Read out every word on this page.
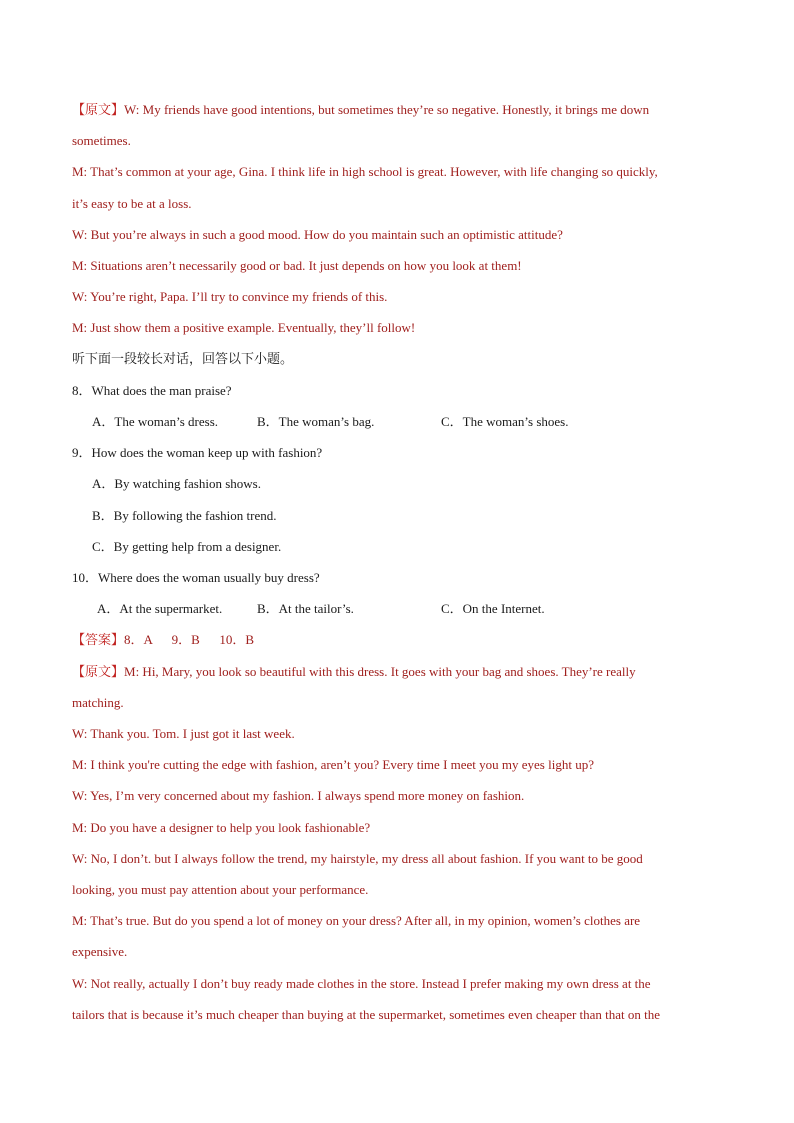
【原文】W: My friends have good intentions, but sometimes they’re so negative. Honestly, it brings me down
sometimes.
M: That’s common at your age, Gina. I think life in high school is great. However, with life changing so quickly,
it’s easy to be at a loss.
W: But you’re always in such a good mood. How do you maintain such an optimistic attitude?
M: Situations aren’t necessarily good or bad. It just depends on how you look at them!
W: You’re right, Papa. I’ll try to convince my friends of this.
M: Just show them a positive example. Eventually, they’ll follow!
听下面一段较长对话，回答以下小题。
8．What does the man praise?
A．The woman’s dress.	B．The woman’s bag.	C．The woman’s shoes.
9．How does the woman keep up with fashion?
A．By watching fashion shows.
B．By following the fashion trend.
C．By getting help from a designer.
10．Where does the woman usually buy dress?
A．At the supermarket.	B．At the tailor’s.	C．On the Internet.
【答案】8．A      9．B      10．B
【原文】M: Hi, Mary, you look so beautiful with this dress. It goes with your bag and shoes. They’re really
matching.
W: Thank you. Tom. I just got it last week.
M: I think you're cutting the edge with fashion, aren’t you? Every time I meet you my eyes light up?
W: Yes, I’m very concerned about my fashion. I always spend more money on fashion.
M: Do you have a designer to help you look fashionable?
W: No, I don’t. but I always follow the trend, my hairstyle, my dress all about fashion. If you want to be good
looking, you must pay attention about your performance.
M: That’s true. But do you spend a lot of money on your dress? After all, in my opinion, women’s clothes are
expensive.
W: Not really, actually I don’t buy ready made clothes in the store. Instead I prefer making my own dress at the
tailors that is because it’s much cheaper than buying at the supermarket, sometimes even cheaper than that on the
